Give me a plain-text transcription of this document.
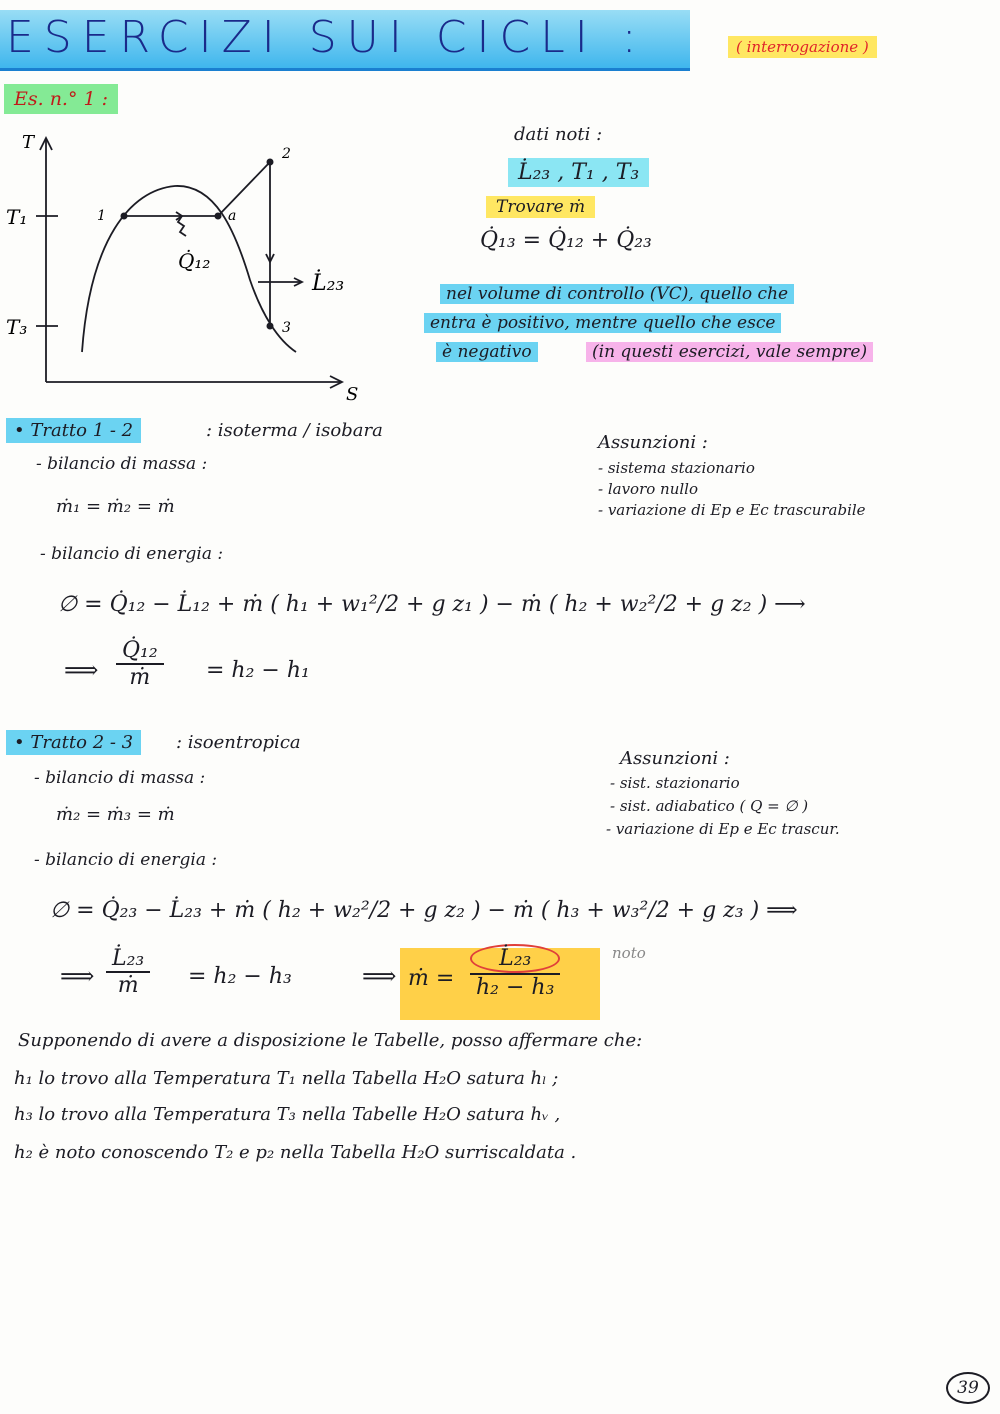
ESERCIZI SUI CICLI :	( interrogazione )
Es. n.° 1 :
T
S
T₁
T₃
1	a
2
3
Q̇₁₂
L̇₂₃
dati noti :
L̇₂₃ , T₁ , T₃
Trovare ṁ
Q̇₁₃ = Q̇₁₂ + Q̇₂₃
nel volume di controllo (VC), quello che
entra è positivo, mentre quello che esce
è negativo	(in questi esercizi, vale sempre)
• Tratto 1 - 2	: isoterma / isobara
- bilancio di massa :
ṁ₁ = ṁ₂ = ṁ
- bilancio di energia :
∅ = Q̇₁₂ − L̇₁₂ + ṁ ( h₁ + w₁²/2 + g z₁ ) − ṁ ( h₂ + w₂²/2 + g z₂ ) ⟶
⟹ $\frac{\text{Q̇₁₂}}{\text{ṁ}} = h_2 - h_1$
Assunzioni :
- sistema stazionario
- lavoro nullo
- variazione di Ep e Ec trascurabile
• Tratto 2 - 3	: isoentropica
- bilancio di massa :
ṁ₂ = ṁ₃ = ṁ
- bilancio di energia :
∅ = Q̇₂₃ − L̇₂₃ + ṁ ( h₂ + w₂²/2 + g z₂ ) − ṁ ( h₃ + w₃²/2 + g z₃ ) ⟹
⟹ $\frac{\text{L̇₂₃}}{\text{ṁ}} = h_2 - h_3$	⟹ ṁ = $\frac{\text{L̇₂₃}}{\text{h₂ − h₃}}$	noto
Assunzioni :
- sist. stazionario
- sist. adiabatico ( Q = ∅ )
- variazione di Ep e Ec trascur.
Supponendo di avere a disposizione le Tabelle, posso affermare che:
h₁ lo trovo alla Temperatura T₁ nella Tabella H₂O satura hₗ ;
h₃ lo trovo alla Temperatura T₃ nella Tabelle H₂O satura hᵥ ,
h₂ è noto conoscendo T₂ e p₂ nella Tabella H₂O surriscaldata .
39
